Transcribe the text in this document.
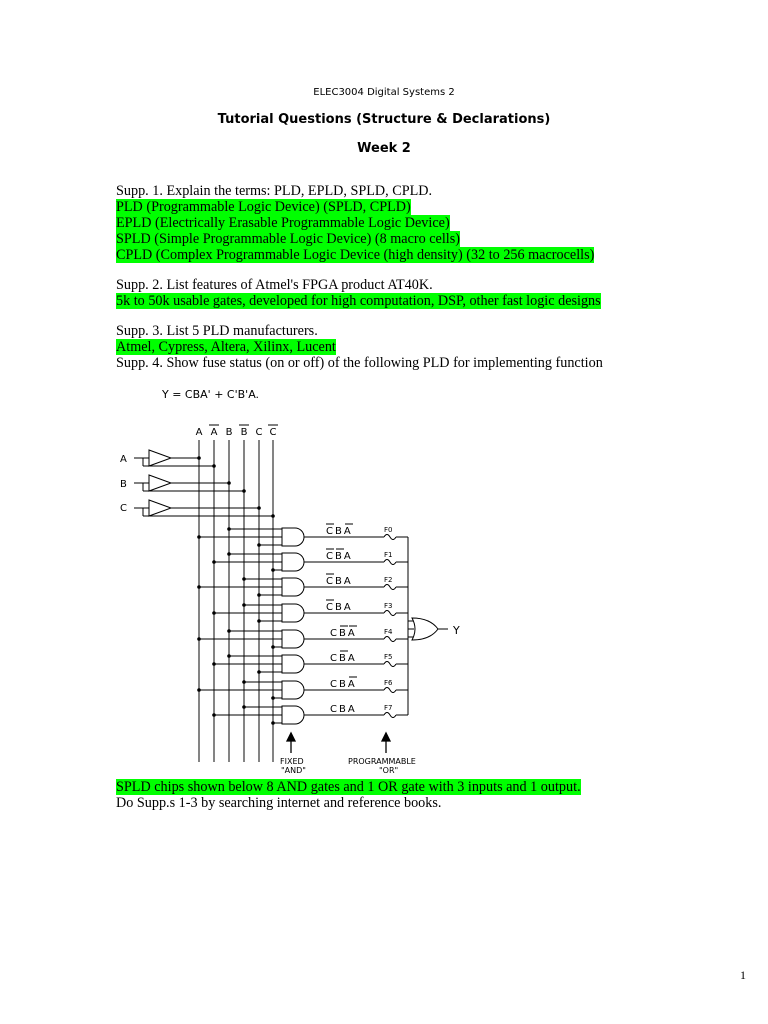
ELEC3004 Digital Systems 2
Tutorial Questions (Structure & Declarations)
Week 2
Supp. 1. Explain the terms: PLD, EPLD, SPLD, CPLD.
PLD (Programmable Logic Device) (SPLD, CPLD)
EPLD (Electrically Erasable Programmable Logic Device)
SPLD (Simple Programmable Logic Device) (8 macro cells)
CPLD (Complex Programmable Logic Device (high density) (32 to 256 macrocells)
Supp. 2. List features of Atmel's FPGA product AT40K.
5k to 50k usable gates, developed for high computation, DSP, other fast logic designs
Supp. 3. List 5 PLD manufacturers.
Atmel, Cypress, Altera, Xilinx, Lucent
Supp. 4. Show fuse status (on or off) of the following PLD for implementing function
Y = CBA' + C'B'A.
A A B B C C
A
B
C
CBA
CBA
CBA
CBA
CBA
CBA
CBA
CBA
F0
F1
F2
F3
F4
F5
F6
F7
Y
FIXED
"AND"
PROGRAMMABLE
"OR"
SPLD chips shown below 8 AND gates and 1 OR gate with 3 inputs and 1 output.
Do Supp.s 1-3 by searching internet and reference books.
1
